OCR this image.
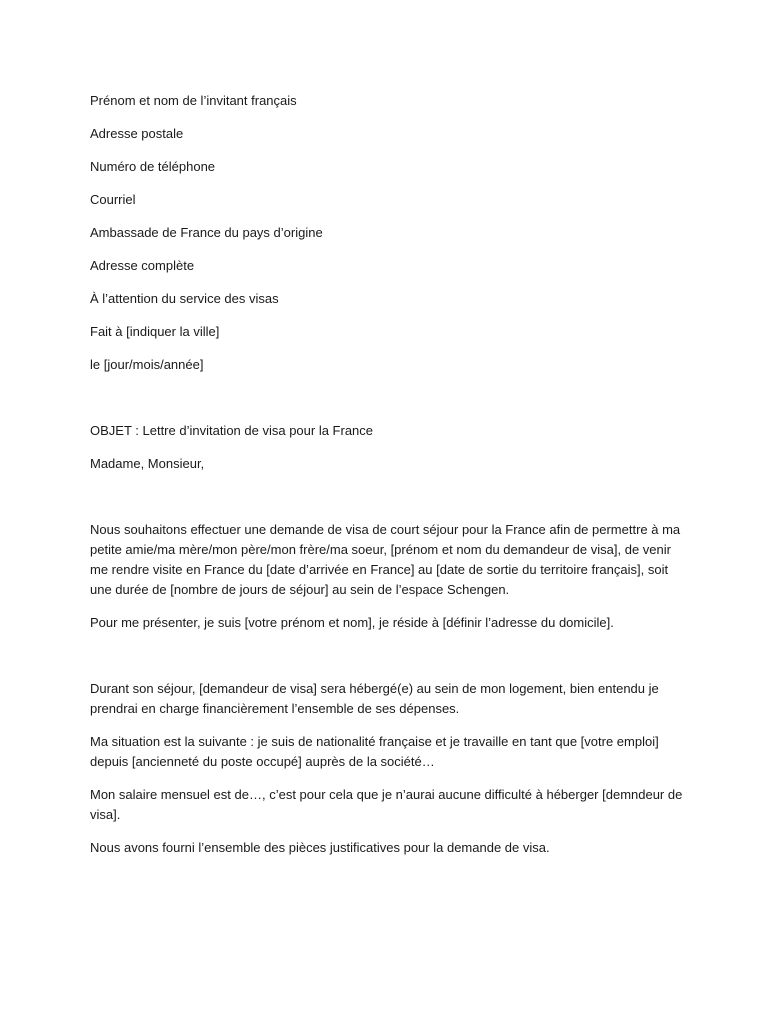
Prénom et nom de l’invitant français

Adresse postale

Numéro de téléphone

Courriel

Ambassade de France du pays d’origine

Adresse complète

À l’attention du service des visas

Fait à [indiquer la ville]

le [jour/mois/année]

OBJET : Lettre d’invitation de visa pour la France

Madame, Monsieur,

Nous souhaitons effectuer une demande de visa de court séjour pour la France afin de permettre à ma petite amie/ma mère/mon père/mon frère/ma soeur, [prénom et nom du demandeur de visa], de venir me rendre visite en France du [date d’arrivée en France] au [date de sortie du territoire français], soit une durée de [nombre de jours de séjour] au sein de l’espace Schengen.

Pour me présenter, je suis [votre prénom et nom], je réside à [définir l’adresse du domicile].

Durant son séjour, [demandeur de visa] sera hébergé(e) au sein de mon logement, bien entendu je prendrai en charge financièrement l’ensemble de ses dépenses.

Ma situation est la suivante : je suis de nationalité française et je travaille en tant que [votre emploi] depuis [ancienneté du poste occupé] auprès de la société…

Mon salaire mensuel est de…, c’est pour cela que je n’aurai aucune difficulté à héberger [demndeur de visa].

Nous avons fourni l’ensemble des pièces justificatives pour la demande de visa.
